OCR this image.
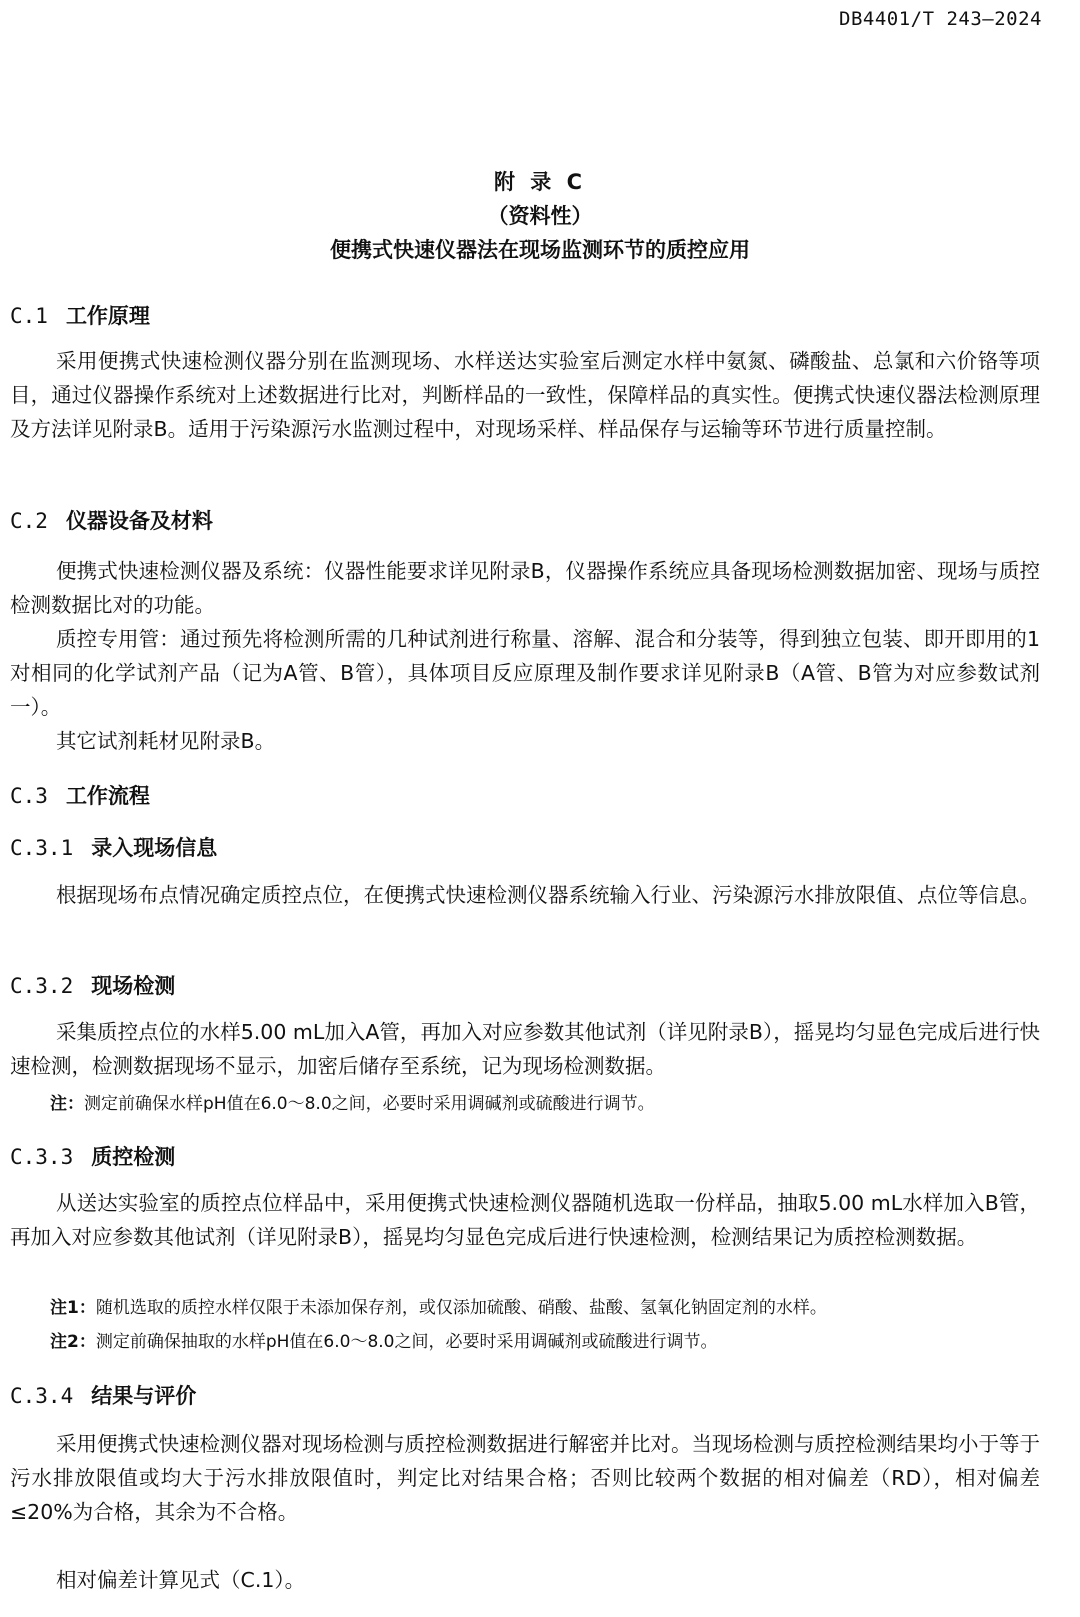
DB4401/T 243—2024
附 录 C
（资料性）
便携式快速仪器法在现场监测环节的质控应用
C.1 工作原理
采用便携式快速检测仪器分别在监测现场、水样送达实验室后测定水样中氨氮、磷酸盐、总氯和六价铬等项目，通过仪器操作系统对上述数据进行比对，判断样品的一致性，保障样品的真实性。便携式快速仪器法检测原理及方法详见附录B。适用于污染源污水监测过程中，对现场采样、样品保存与运输等环节进行质量控制。
C.2 仪器设备及材料
便携式快速检测仪器及系统：仪器性能要求详见附录B，仪器操作系统应具备现场检测数据加密、现场与质控检测数据比对的功能。
质控专用管：通过预先将检测所需的几种试剂进行称量、溶解、混合和分装等，得到独立包装、即开即用的1对相同的化学试剂产品（记为A管、B管），具体项目反应原理及制作要求详见附录B（A管、B管为对应参数试剂一）。
其它试剂耗材见附录B。
C.3 工作流程
C.3.1 录入现场信息
根据现场布点情况确定质控点位，在便携式快速检测仪器系统输入行业、污染源污水排放限值、点位等信息。
C.3.2 现场检测
采集质控点位的水样5.00 mL加入A管，再加入对应参数其他试剂（详见附录B），摇晃均匀显色完成后进行快速检测，检测数据现场不显示，加密后储存至系统，记为现场检测数据。
注：测定前确保水样pH值在6.0～8.0之间，必要时采用调碱剂或硫酸进行调节。
C.3.3 质控检测
从送达实验室的质控点位样品中，采用便携式快速检测仪器随机选取一份样品，抽取5.00 mL水样加入B管，再加入对应参数其他试剂（详见附录B），摇晃均匀显色完成后进行快速检测，检测结果记为质控检测数据。
注1：随机选取的质控水样仅限于未添加保存剂，或仅添加硫酸、硝酸、盐酸、氢氧化钠固定剂的水样。
注2：测定前确保抽取的水样pH值在6.0～8.0之间，必要时采用调碱剂或硫酸进行调节。
C.3.4 结果与评价
采用便携式快速检测仪器对现场检测与质控检测数据进行解密并比对。当现场检测与质控检测结果均小于等于污水排放限值或均大于污水排放限值时，判定比对结果合格；否则比较两个数据的相对偏差（RD），相对偏差≤20%为合格，其余为不合格。
相对偏差计算见式（C.1）。
